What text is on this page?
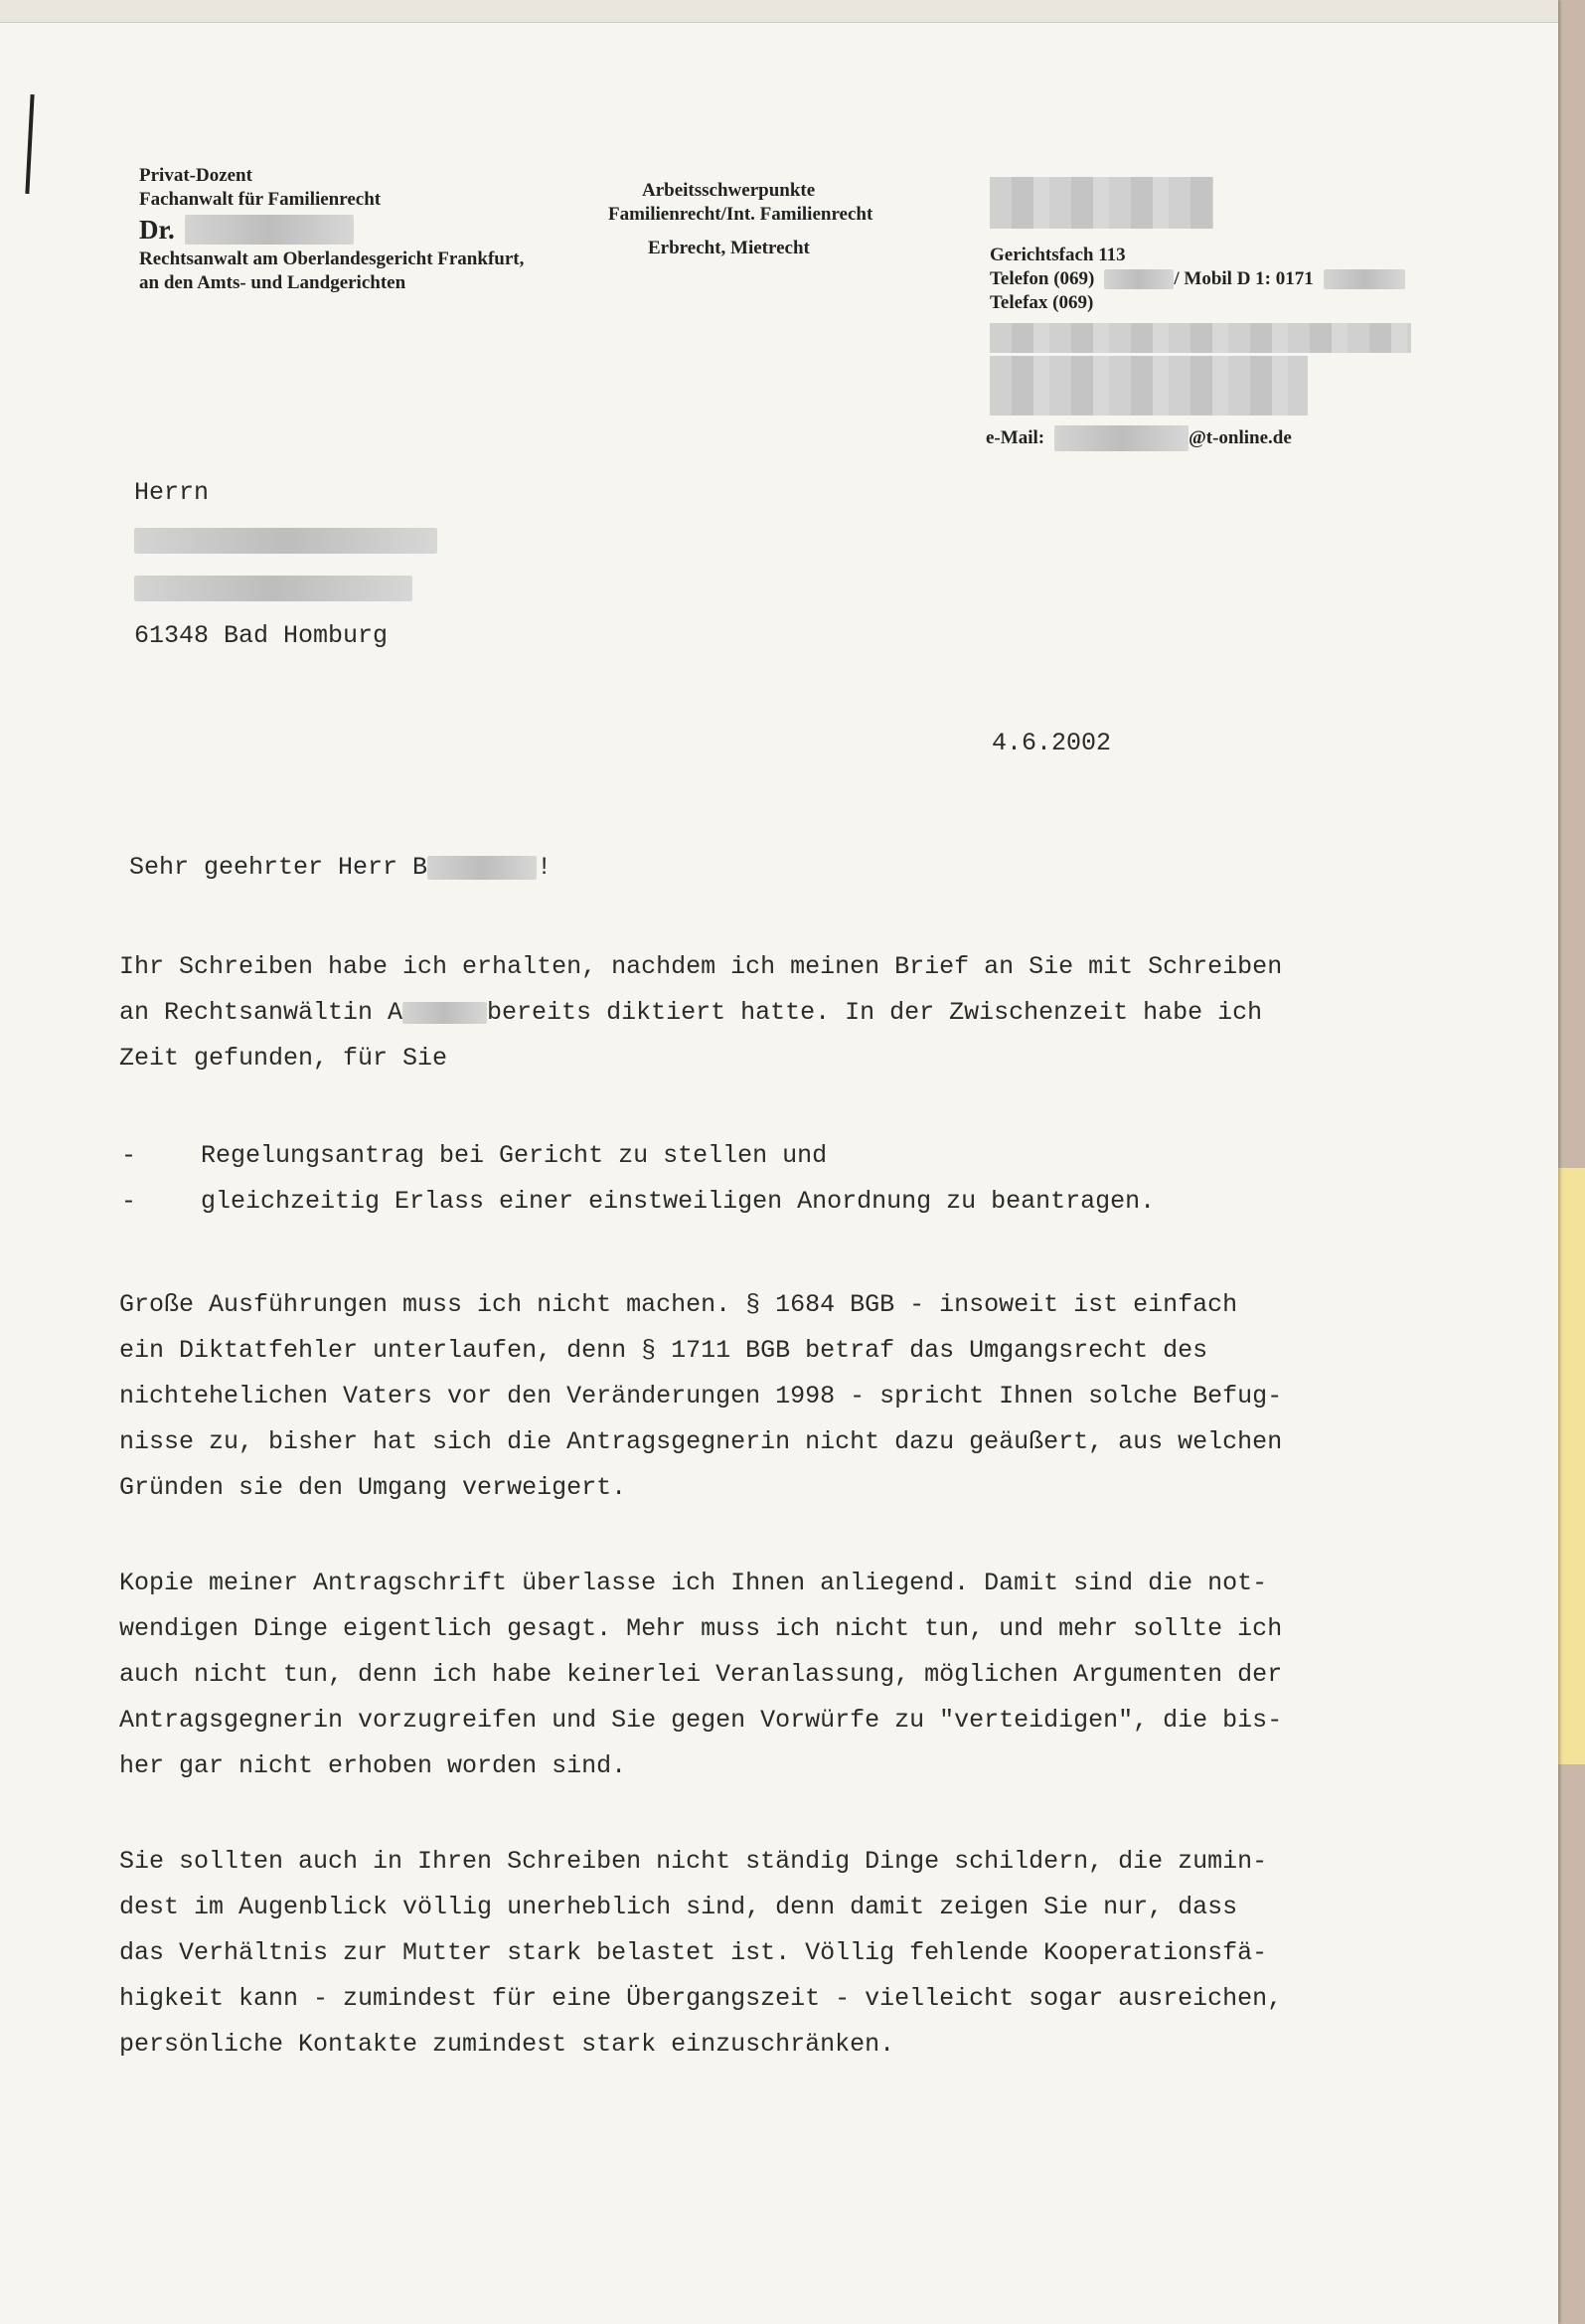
Privat-Dozent
Fachanwalt für Familienrecht
Dr.
Rechtsanwalt am Oberlandesgericht Frankfurt,
an den Amts- und Landgerichten
Arbeitsschwerpunkte
Familienrecht/Int. Familienrecht
Erbrecht, Mietrecht	Gerichtsfach 113
Telefon (069)	/ Mobil D 1: 0171
Telefax (069)
e-Mail:	@t-online.de
Herrn
61348 Bad Homburg
4.6.2002
Sehr geehrter Herr B	!
Ihr Schreiben habe ich erhalten, nachdem ich meinen Brief an Sie mit Schreiben
an Rechtsanwältin A	bereits diktiert hatte. In der Zwischenzeit habe ich
Zeit gefunden, für Sie
-	Regelungsantrag bei Gericht zu stellen und
-	gleichzeitig Erlass einer einstweiligen Anordnung zu beantragen.
Große Ausführungen muss ich nicht machen. § 1684 BGB - insoweit ist einfach
ein Diktatfehler unterlaufen, denn § 1711 BGB betraf das Umgangsrecht des
nichtehelichen Vaters vor den Veränderungen 1998 - spricht Ihnen solche Befug-
nisse zu, bisher hat sich die Antragsgegnerin nicht dazu geäußert, aus welchen
Gründen sie den Umgang verweigert.
Kopie meiner Antragschrift überlasse ich Ihnen anliegend. Damit sind die not-
wendigen Dinge eigentlich gesagt. Mehr muss ich nicht tun, und mehr sollte ich
auch nicht tun, denn ich habe keinerlei Veranlassung, möglichen Argumenten der
Antragsgegnerin vorzugreifen und Sie gegen Vorwürfe zu "verteidigen", die bis-
her gar nicht erhoben worden sind.
Sie sollten auch in Ihren Schreiben nicht ständig Dinge schildern, die zumin-
dest im Augenblick völlig unerheblich sind, denn damit zeigen Sie nur, dass
das Verhältnis zur Mutter stark belastet ist. Völlig fehlende Kooperationsfä-
higkeit kann - zumindest für eine Übergangszeit - vielleicht sogar ausreichen,
persönliche Kontakte zumindest stark einzuschränken.
